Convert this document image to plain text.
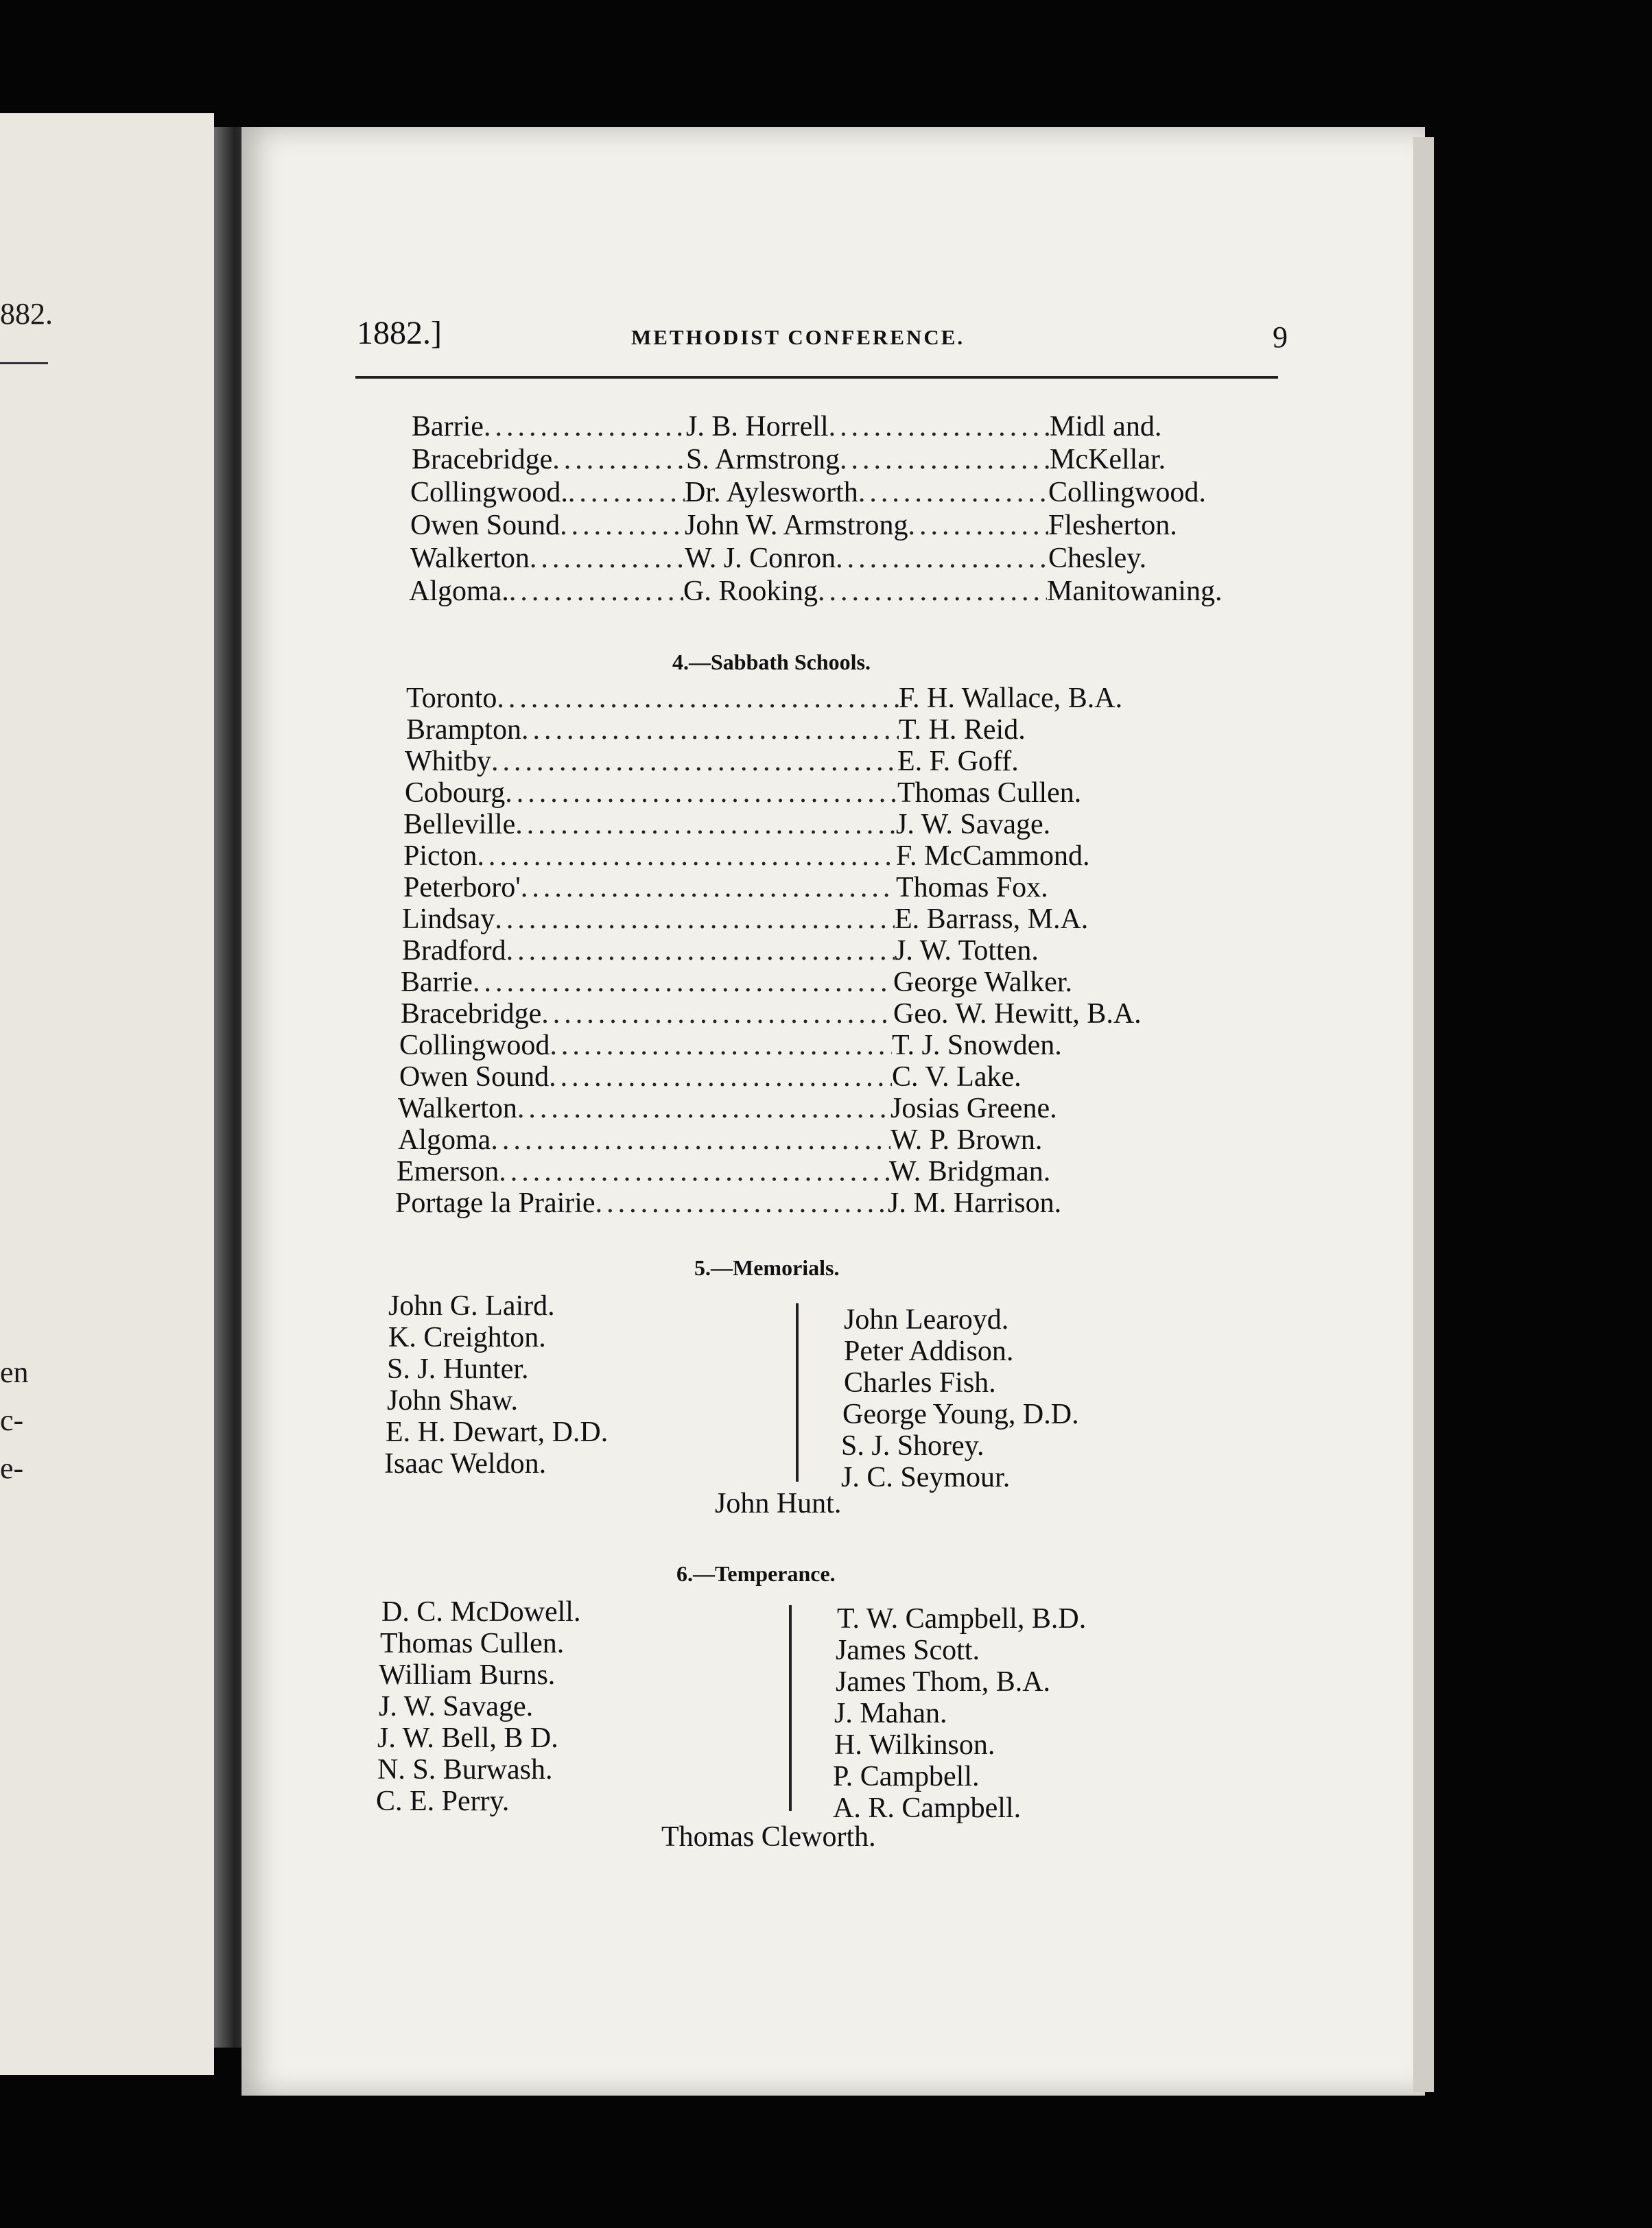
882.
en
c-
e-
1882.]	METHODIST CONFERENCE.	9
Barrie .....	J. B. Horrell .....	Midl and.
Bracebridge .....	S. Armstrong .....	McKellar.
Collingwood. .....	Dr. Aylesworth .....	Collingwood.
Owen Sound .....	John W. Armstrong .....	Flesherton.
Walkerton .....	W. J. Conron .....	Chesley.
Algoma. .....	G. Rooking .....	Manitowaning.
4.—Sabbath Schools.
Toronto .....	F. H. Wallace, B.A.
Brampton .....	T. H. Reid.
Whitby .....	E. F. Goff.
Cobourg .....	Thomas Cullen.
Belleville .....	J. W. Savage.
Picton .....	F. McCammond.
Peterboro' .....	Thomas Fox.
Lindsay .....	E. Barrass, M.A.
Bradford .....	J. W. Totten.
Barrie .....	George Walker.
Bracebridge .....	Geo. W. Hewitt, B.A.
Collingwood .....	T. J. Snowden.
Owen Sound .....	C. V. Lake.
Walkerton .....	Josias Greene.
Algoma .....	W. P. Brown.
Emerson .....	W. Bridgman.
Portage la Prairie .....	J. M. Harrison.
5.—Memorials.
John G. Laird.
K. Creighton.
S. J. Hunter.
John Shaw.
E. H. Dewart, D.D.
Isaac Weldon.
John Learoyd.
Peter Addison.
Charles Fish.
George Young, D.D.
S. J. Shorey.
J. C. Seymour.
John Hunt.
6.—Temperance.
D. C. McDowell.
Thomas Cullen.
William Burns.
J. W. Savage.
J. W. Bell, B D.
N. S. Burwash.
C. E. Perry.
T. W. Campbell, B.D.
James Scott.
James Thom, B.A.
J. Mahan.
H. Wilkinson.
P. Campbell.
A. R. Campbell.
Thomas Cleworth.
